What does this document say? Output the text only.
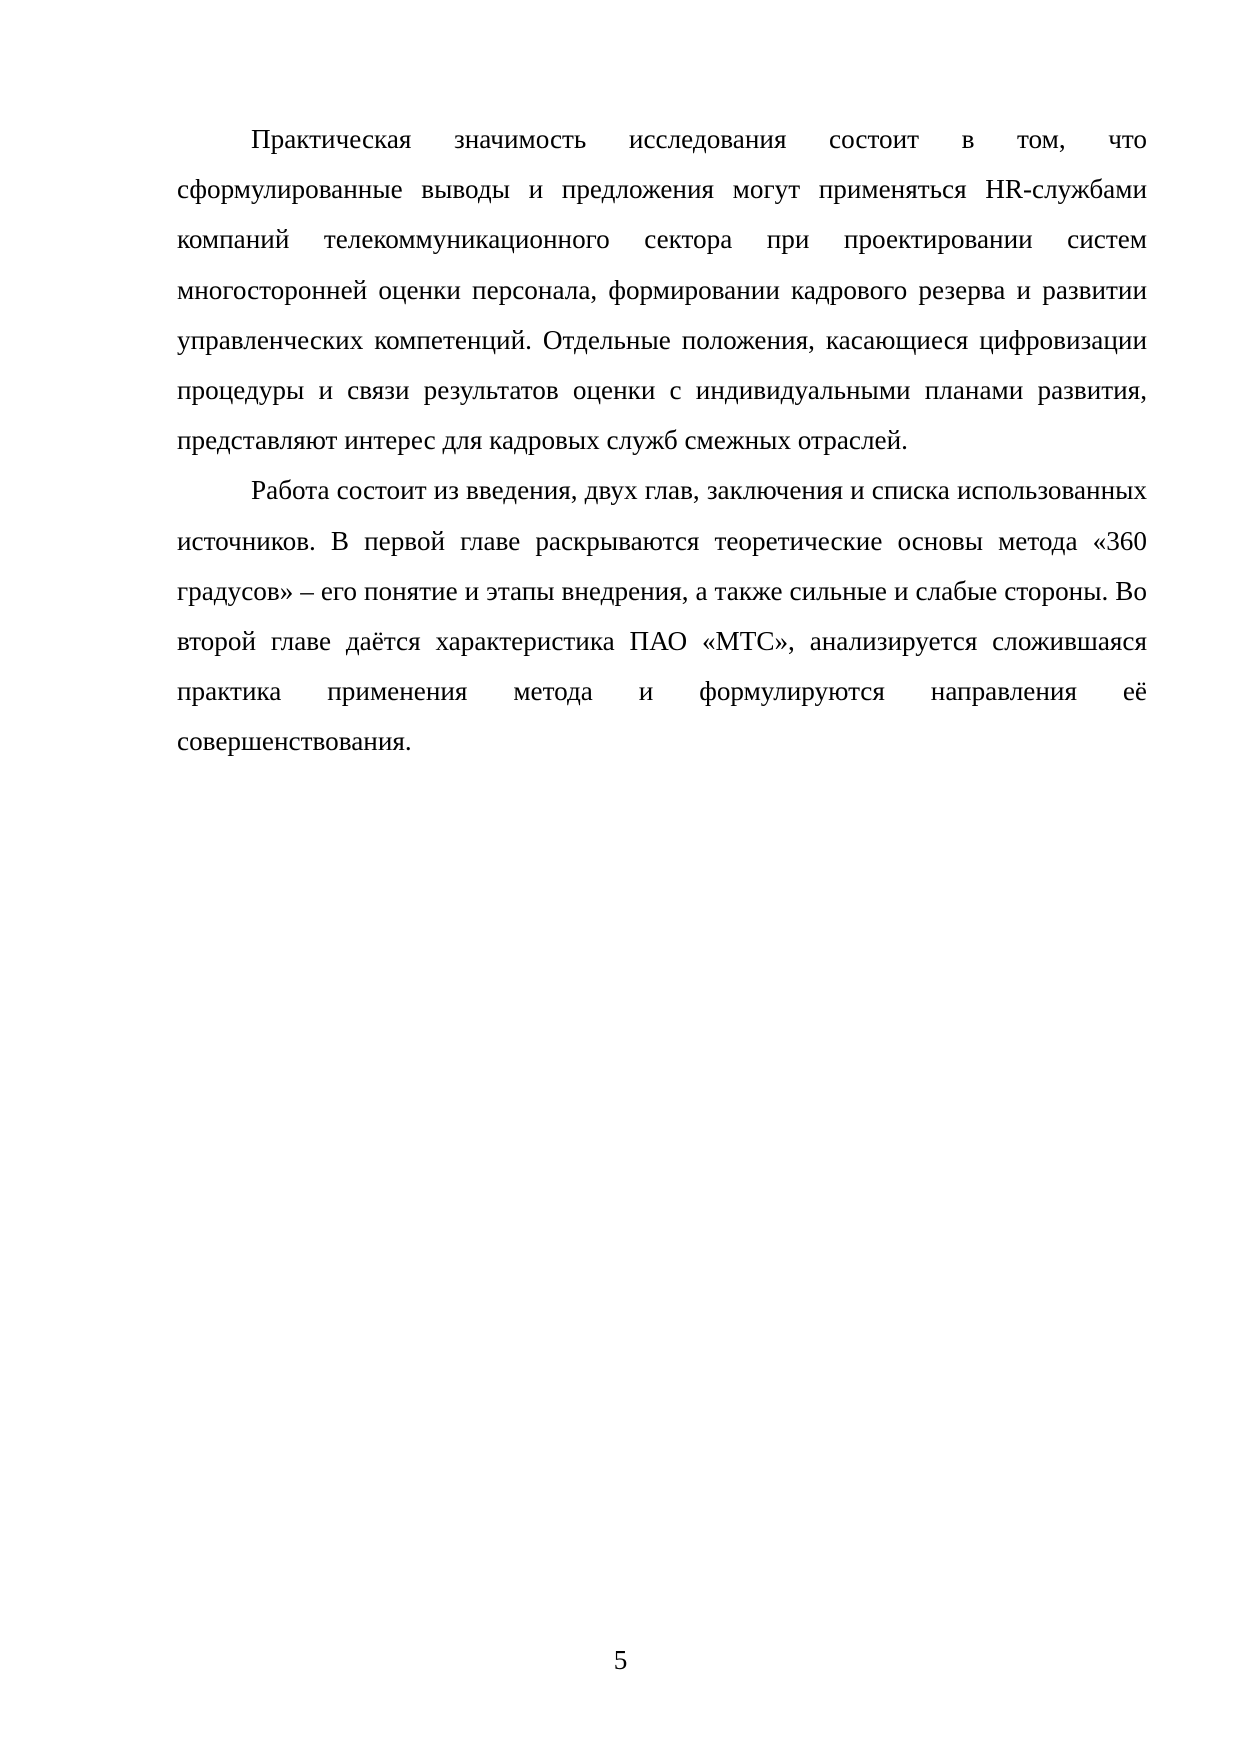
Практическая значимость исследования состоит в том, что сформулированные выводы и предложения могут применяться HR-службами компаний телекоммуникационного сектора при проектировании систем многосторонней оценки персонала, формировании кадрового резерва и развитии управленческих компетенций. Отдельные положения, касающиеся цифровизации процедуры и связи результатов оценки с индивидуальными планами развития, представляют интерес для кадровых служб смежных отраслей.

Работа состоит из введения, двух глав, заключения и списка использованных источников. В первой главе раскрываются теоретические основы метода «360 градусов» – его понятие и этапы внедрения, а также сильные и слабые стороны. Во второй главе даётся характеристика ПАО «МТС», анализируется сложившаяся практика применения метода и формулируются направления её совершенствования.

5
